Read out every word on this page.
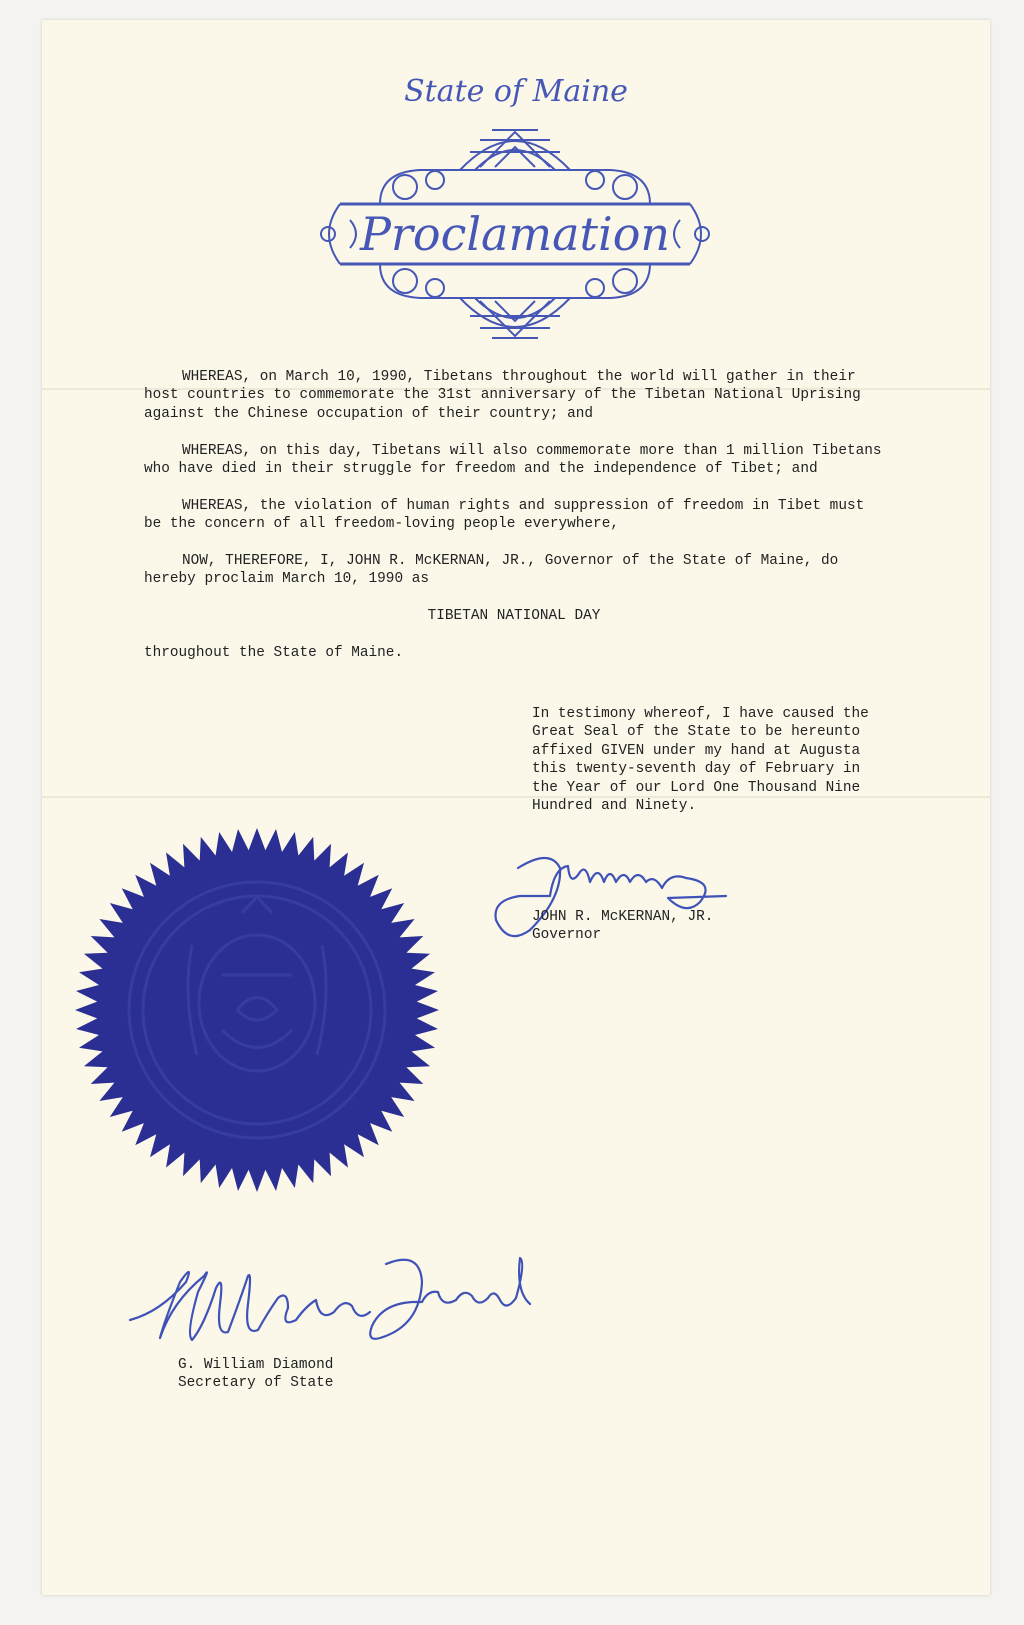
State of Maine
Proclamation

WHEREAS, on March 10, 1990, Tibetans throughout the world will gather in their host countries to commemorate the 31st anniversary of the Tibetan National Uprising against the Chinese occupation of their country; and

WHEREAS, on this day, Tibetans will also commemorate more than 1 million Tibetans who have died in their struggle for freedom and the independence of Tibet; and

WHEREAS, the violation of human rights and suppression of freedom in Tibet must be the concern of all freedom-loving people everywhere,

NOW, THEREFORE, I, JOHN R. McKERNAN, JR., Governor of the State of Maine, do hereby proclaim March 10, 1990 as

TIBETAN NATIONAL DAY

throughout the State of Maine.

In testimony whereof, I have caused the Great Seal of the State to be hereunto affixed GIVEN under my hand at Augusta this twenty-seventh day of February in the Year of our Lord One Thousand Nine Hundred and Ninety.
JOHN R. McKERNAN, JR.
Governor
G. William Diamond
Secretary of State
